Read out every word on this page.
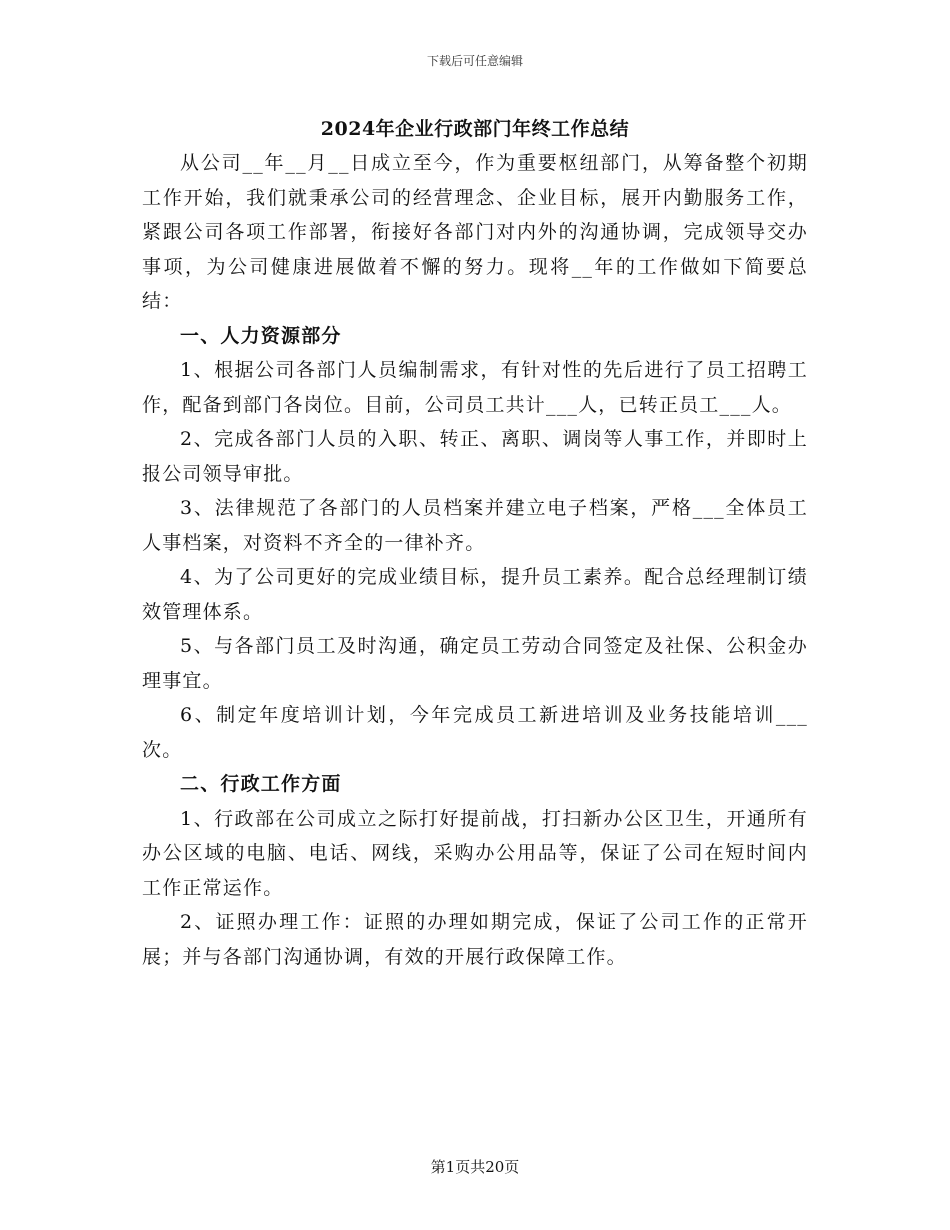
下载后可任意编辑
2024年企业行政部门年终工作总结

从公司__年__月__日成立至今，作为重要枢纽部门，从筹备整个初期工作开始，我们就秉承公司的经营理念、企业目标，展开内勤服务工作，紧跟公司各项工作部署，衔接好各部门对内外的沟通协调，完成领导交办事项，为公司健康进展做着不懈的努力。现将__年的工作做如下简要总结：

一、人力资源部分

1、根据公司各部门人员编制需求，有针对性的先后进行了员工招聘工作，配备到部门各岗位。目前，公司员工共计___人，已转正员工___人。

2、完成各部门人员的入职、转正、离职、调岗等人事工作，并即时上报公司领导审批。

3、法律规范了各部门的人员档案并建立电子档案，严格___全体员工人事档案，对资料不齐全的一律补齐。

4、为了公司更好的完成业绩目标，提升员工素养。配合总经理制订绩效管理体系。

5、与各部门员工及时沟通，确定员工劳动合同签定及社保、公积金办理事宜。

6、制定年度培训计划，今年完成员工新进培训及业务技能培训___次。

二、行政工作方面

1、行政部在公司成立之际打好提前战，打扫新办公区卫生，开通所有办公区域的电脑、电话、网线，采购办公用品等，保证了公司在短时间内工作正常运作。

2、证照办理工作：证照的办理如期完成，保证了公司工作的正常开展；并与各部门沟通协调，有效的开展行政保障工作。

第1页共20页
